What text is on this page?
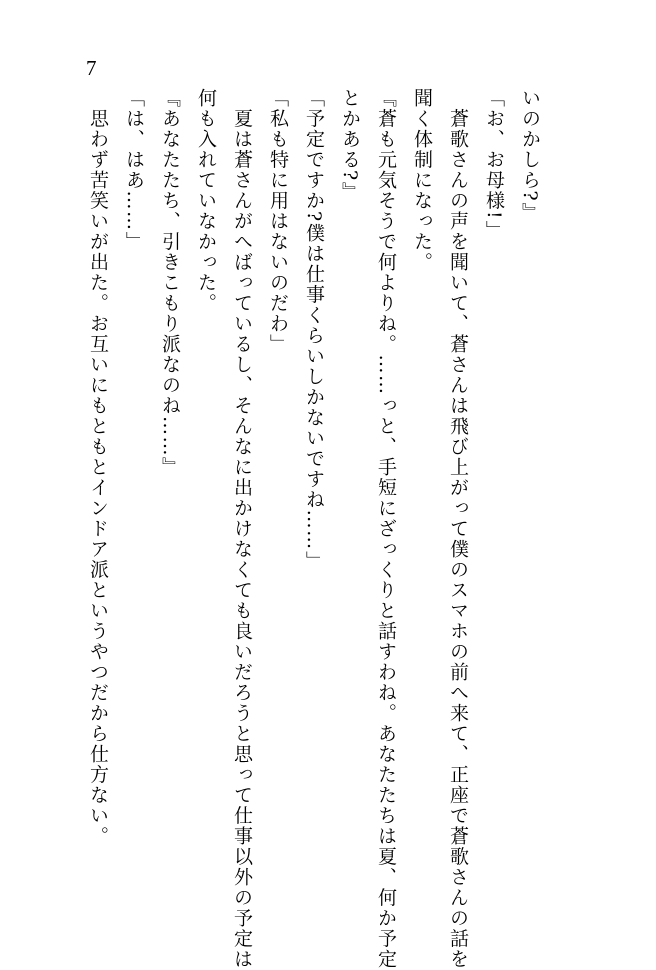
7

いのかしら?』

「お、お母様!」

　蒼歌さんの声を聞いて、蒼さんは飛び上がって僕のスマホの前へ来て、正座で蒼歌さんの話を

聞く体制になった。

『蒼も元気そうで何よりね。……っと、手短にざっくりと話すわね。あなたたちは夏、何か予定

とかある?』

「予定ですか?僕は仕事くらいしかないですね……」

「私も特に用はないのだわ」

　夏は蒼さんがへばっているし、そんなに出かけなくても良いだろうと思って仕事以外の予定は

何も入れていなかった。

『あなたたち、引きこもり派なのね……』

「は、はあ……」

　思わず苦笑いが出た。お互いにもともとインドア派というやつだから仕方ない。
